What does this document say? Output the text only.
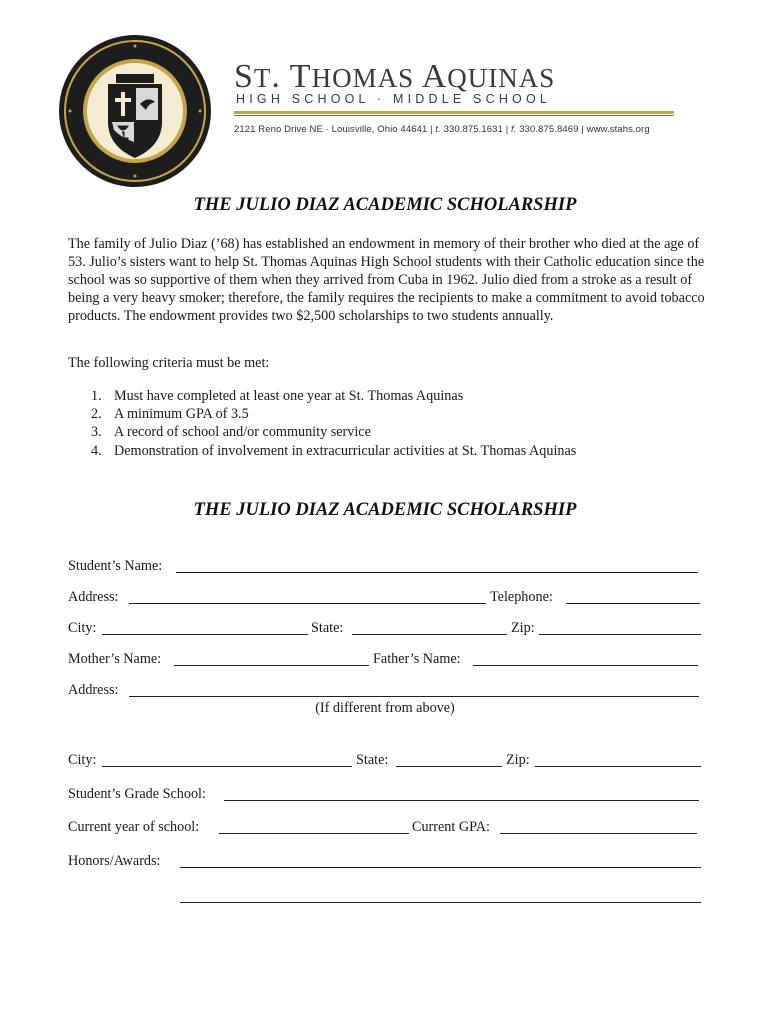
ST. THOMAS AQUINAS
HIGH SCHOOL · MIDDLE SCHOOL
2121 Reno Drive NE · Louisville, Ohio 44641 | t. 330.875.1631 | f. 330.875.8469 | www.stahs.org
THE JULIO DIAZ ACADEMIC SCHOLARSHIP
The family of Julio Diaz (’68) has established an endowment in memory of their brother who died at the age of 53. Julio’s sisters want to help St. Thomas Aquinas High School students with their Catholic education since the school was so supportive of them when they arrived from Cuba in 1962. Julio died from a stroke as a result of being a very heavy smoker; therefore, the family requires the recipients to make a commitment to avoid tobacco products. The endowment provides two $2,500 scholarships to two students annually.
The following criteria must be met:
1. Must have completed at least one year at St. Thomas Aquinas
2. A minimum GPA of 3.5
3. A record of school and/or community service
4. Demonstration of involvement in extracurricular activities at St. Thomas Aquinas
THE JULIO DIAZ ACADEMIC SCHOLARSHIP
Student’s Name:
Address:	Telephone:
City:	State:	Zip:
Mother’s Name:	Father’s Name:
Address:
(If different from above)
City:	State:	Zip:
Student’s Grade School:
Current year of school:	Current GPA:
Honors/Awards:
